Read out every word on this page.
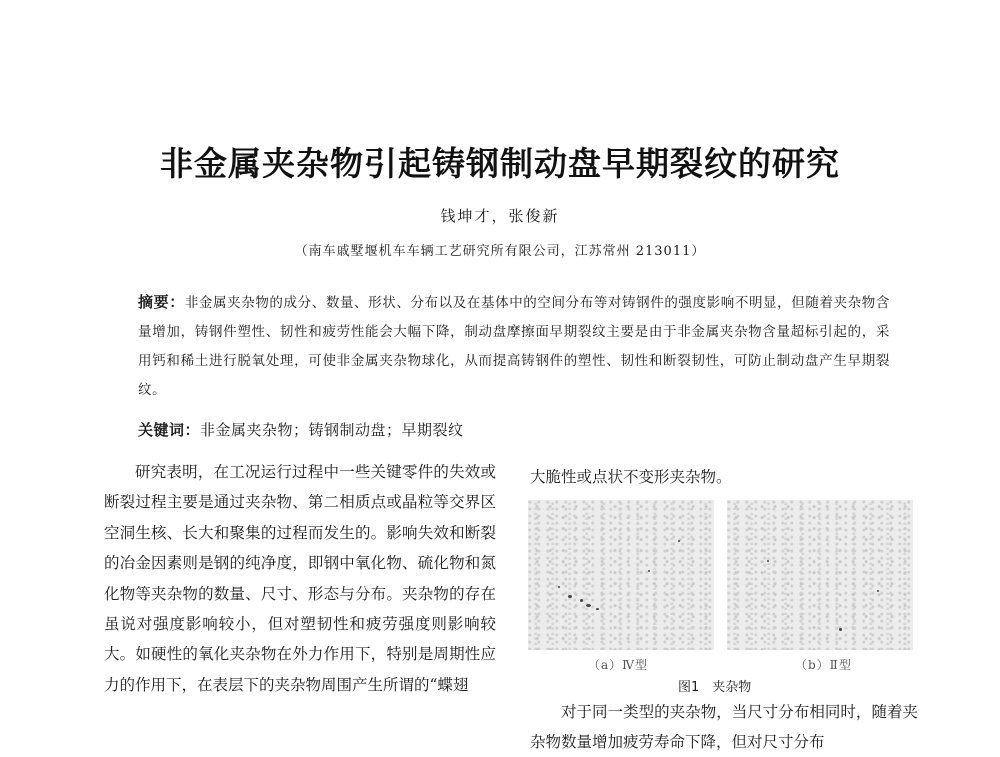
非金属夹杂物引起铸钢制动盘早期裂纹的研究
钱坤才，张俊新
（南车戚墅堰机车车辆工艺研究所有限公司，江苏常州 213011）
摘要：非金属夹杂物的成分、数量、形状、分布以及在基体中的空间分布等对铸钢件的强度影响不明显，但随着夹杂物含量增加，铸钢件塑性、韧性和疲劳性能会大幅下降，制动盘摩擦面早期裂纹主要是由于非金属夹杂物含量超标引起的，采用钙和稀土进行脱氧处理，可使非金属夹杂物球化，从而提高铸钢件的塑性、韧性和断裂韧性，可防止制动盘产生早期裂纹。
关键词：非金属夹杂物；铸钢制动盘；早期裂纹

研究表明，在工况运行过程中一些关键零件的失效或断裂过程主要是通过夹杂物、第二相质点或晶粒等交界区空洞生核、长大和聚集的过程而发生的。影响失效和断裂的冶金因素则是钢的纯净度，即钢中氧化物、硫化物和氮化物等夹杂物的数量、尺寸、形态与分布。夹杂物的存在虽说对强度影响较小，但对塑韧性和疲劳强度则影响较大。如硬性的氧化夹杂物在外力作用下，特别是周期性应力的作用下，在表层下的夹杂物周围产生所谓的“蝶翅

大脆性或点状不变形夹杂物。
（a）Ⅳ型	（b）Ⅱ型
图1　夹杂物
对于同一类型的夹杂物，当尺寸分布相同时，随着夹杂物数量增加疲劳寿命下降，但对尺寸分布
